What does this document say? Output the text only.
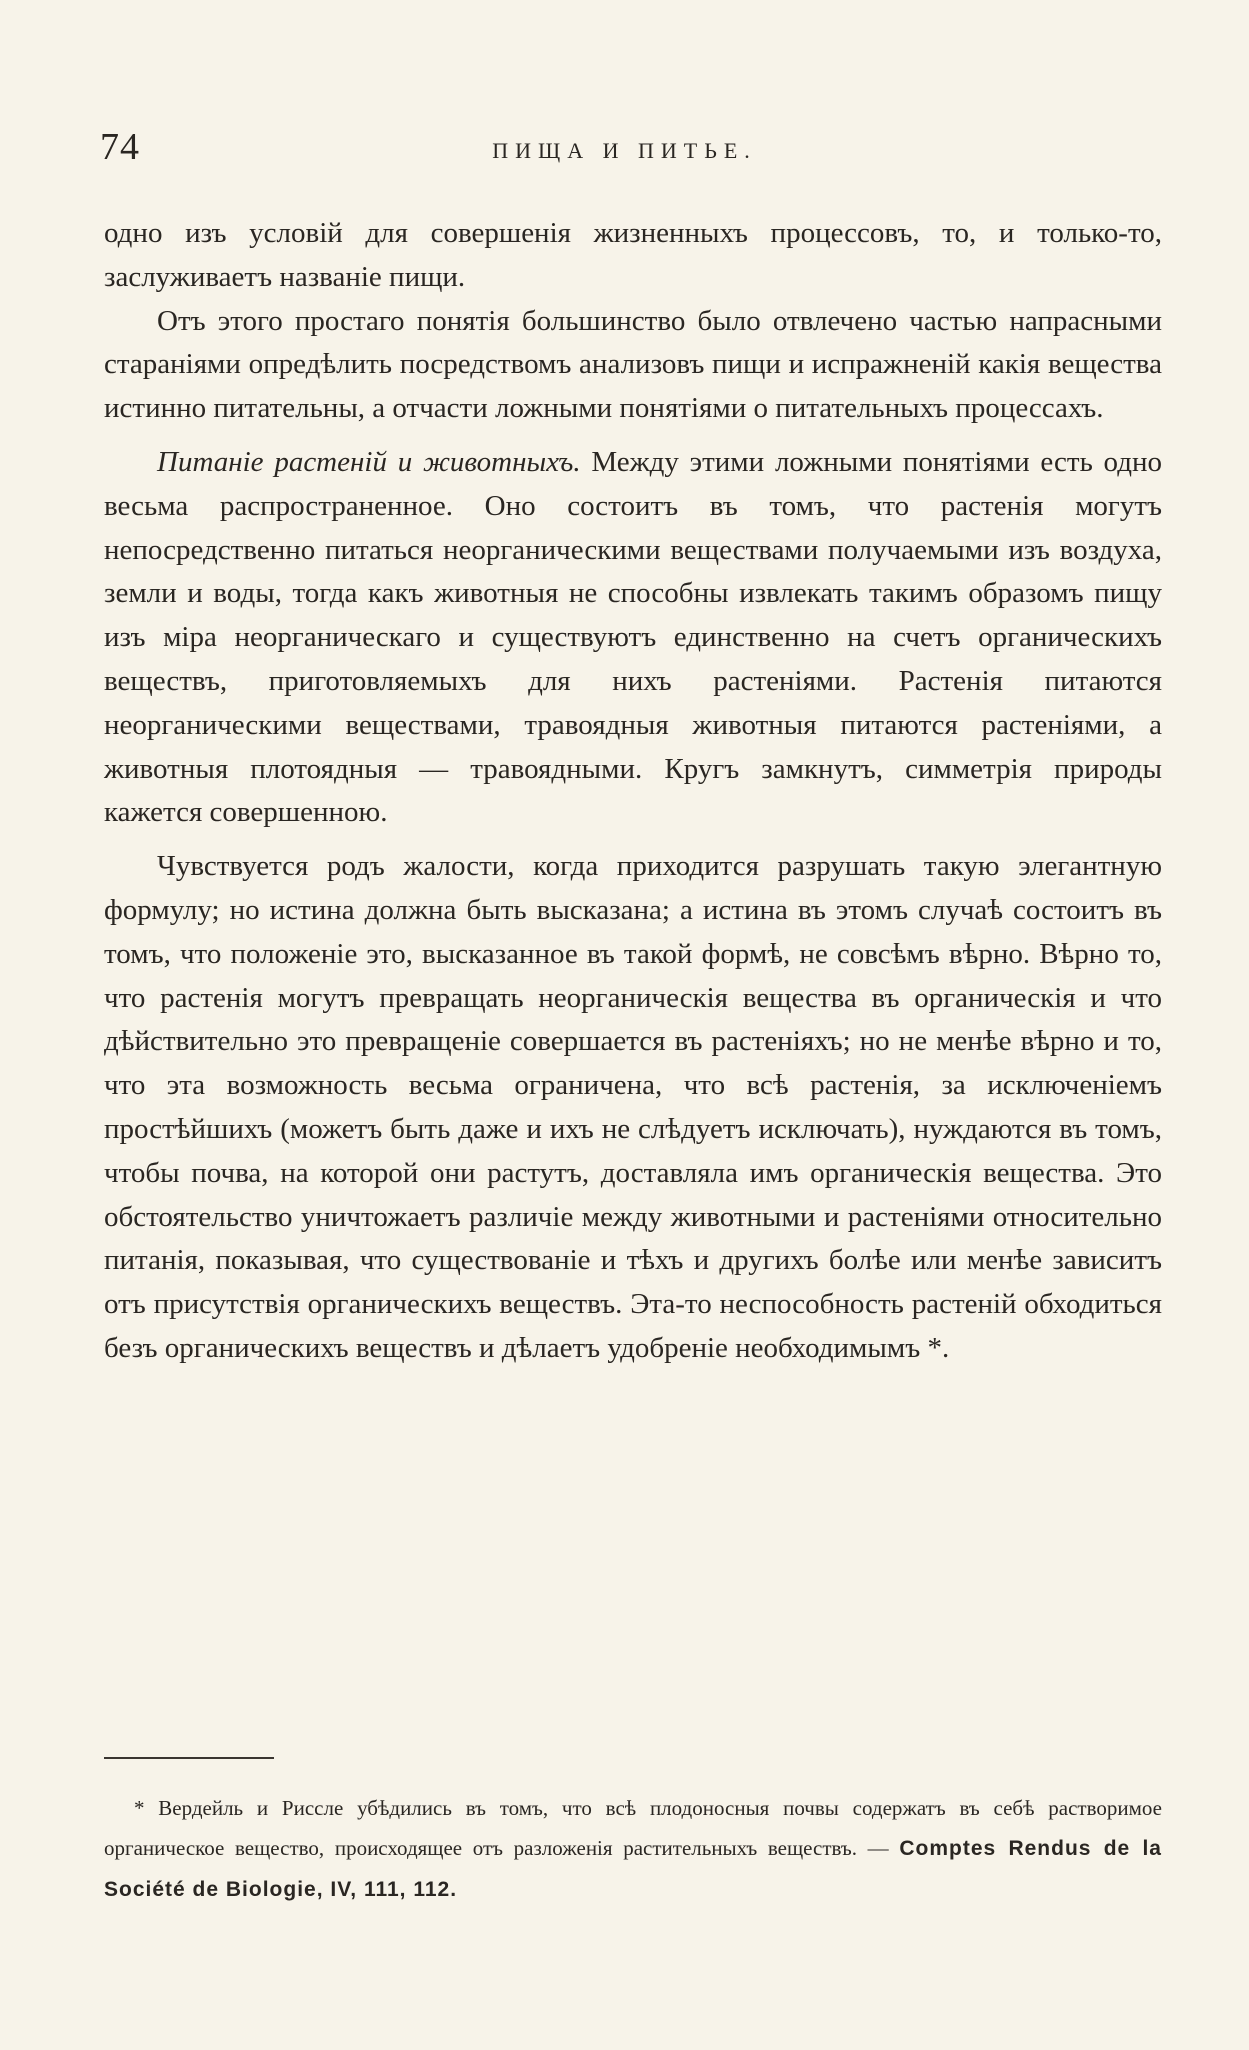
74	ПИЩА И ПИТЬЕ.

одно изъ условій для совершенія жизненныхъ процессовъ, то, и только-то, заслуживаетъ названіе пищи.

Отъ этого простаго понятія большинство было отвлечено частью напрасными стараніями опредѣлить посредствомъ анализовъ пищи и испражненій какія вещества истинно питательны, а отчасти ложными понятіями о питательныхъ процессахъ.

Питаніе растеній и животныхъ. Между этими ложными понятіями есть одно весьма распространенное. Оно состоитъ въ томъ, что растенія могутъ непосредственно питаться неорганическими веществами получаемыми изъ воздуха, земли и воды, тогда какъ животныя не способны извлекать такимъ образомъ пищу изъ міра неорганическаго и существуютъ единственно на счетъ органическихъ веществъ, приготовляемыхъ для нихъ растеніями. Растенія питаются неорганическими веществами, травоядныя животныя питаются растеніями, а животныя плотоядныя — травоядными. Кругъ замкнутъ, симметрія природы кажется совершенною.

Чувствуется родъ жалости, когда приходится разрушать такую элегантную формулу; но истина должна быть высказана; а истина въ этомъ случаѣ состоитъ въ томъ, что положеніе это, высказанное въ такой формѣ, не совсѣмъ вѣрно. Вѣрно то, что растенія могутъ превращать неорганическія вещества въ органическія и что дѣйствительно это превращеніе совершается въ растеніяхъ; но не менѣе вѣрно и то, что эта возможность весьма ограничена, что всѣ растенія, за исключеніемъ простѣйшихъ (можетъ быть даже и ихъ не слѣдуетъ исключать), нуждаются въ томъ, чтобы почва, на которой они растутъ, доставляла имъ органическія вещества. Это обстоятельство уничтожаетъ различіе между животными и растеніями относительно питанія, показывая, что существованіе и тѣхъ и другихъ болѣе или менѣе зависитъ отъ присутствія органическихъ веществъ. Эта-то неспособность растеній обходиться безъ органическихъ веществъ и дѣлаетъ удобреніе необходимымъ *.

* Вердейль и Риссле убѣдились въ томъ, что всѣ плодоносныя почвы содержатъ въ себѣ растворимое органическое вещество, происходящее отъ разложенія растительныхъ веществъ. — Comptes Rendus de la Société de Biologie, IV, 111, 112.
